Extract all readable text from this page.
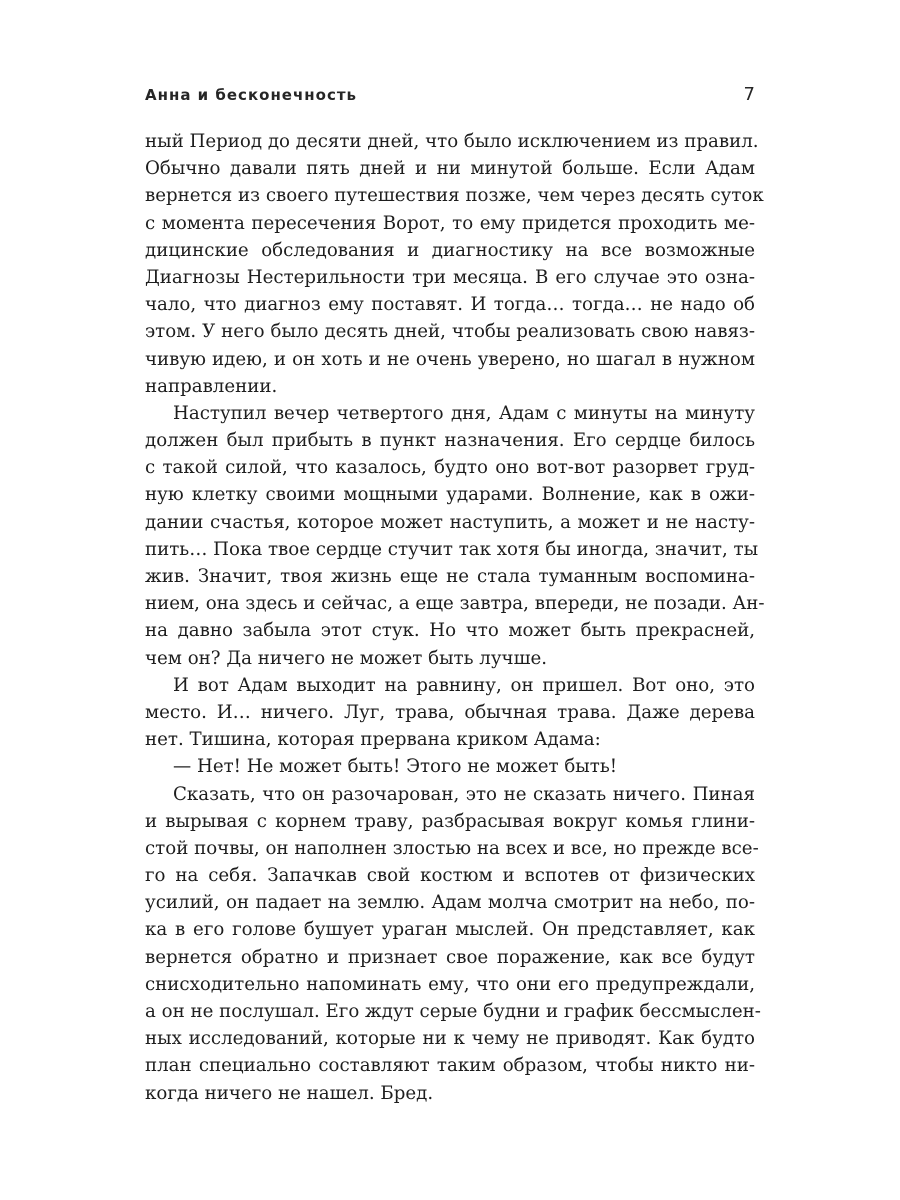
Анна и бесконечность	7
ный Период до десяти дней, что было исключением из правил.
Обычно давали пять дней и ни минутой больше. Если Адам
вернется из своего путешествия позже, чем через десять суток
с момента пересечения Ворот, то ему придется проходить ме-
дицинские обследования и диагностику на все возможные
Диагнозы Нестерильности три месяца. В его случае это озна-
чало, что диагноз ему поставят. И тогда… тогда… не надо об
этом. У него было десять дней, чтобы реализовать свою навяз-
чивую идею, и он хоть и не очень уверено, но шагал в нужном
направлении.
Наступил вечер четвертого дня, Адам с минуты на минуту
должен был прибыть в пункт назначения. Его сердце билось
с такой силой, что казалось, будто оно вот-вот разорвет груд-
ную клетку своими мощными ударами. Волнение, как в ожи-
дании счастья, которое может наступить, а может и не насту-
пить… Пока твое сердце стучит так хотя бы иногда, значит, ты
жив. Значит, твоя жизнь еще не стала туманным воспомина-
нием, она здесь и сейчас, а еще завтра, впереди, не позади. Ан-
на давно забыла этот стук. Но что может быть прекрасней,
чем он? Да ничего не может быть лучше.
И вот Адам выходит на равнину, он пришел. Вот оно, это
место. И… ничего. Луг, трава, обычная трава. Даже дерева
нет. Тишина, которая прервана криком Адама:
— Нет! Не может быть! Этого не может быть!
Сказать, что он разочарован, это не сказать ничего. Пиная
и вырывая с корнем траву, разбрасывая вокруг комья глини-
стой почвы, он наполнен злостью на всех и все, но прежде все-
го на себя. Запачкав свой костюм и вспотев от физических
усилий, он падает на землю. Адам молча смотрит на небо, по-
ка в его голове бушует ураган мыслей. Он представляет, как
вернется обратно и признает свое поражение, как все будут
снисходительно напоминать ему, что они его предупреждали,
а он не послушал. Его ждут серые будни и график бессмыслен-
ных исследований, которые ни к чему не приводят. Как будто
план специально составляют таким образом, чтобы никто ни-
когда ничего не нашел. Бред.
